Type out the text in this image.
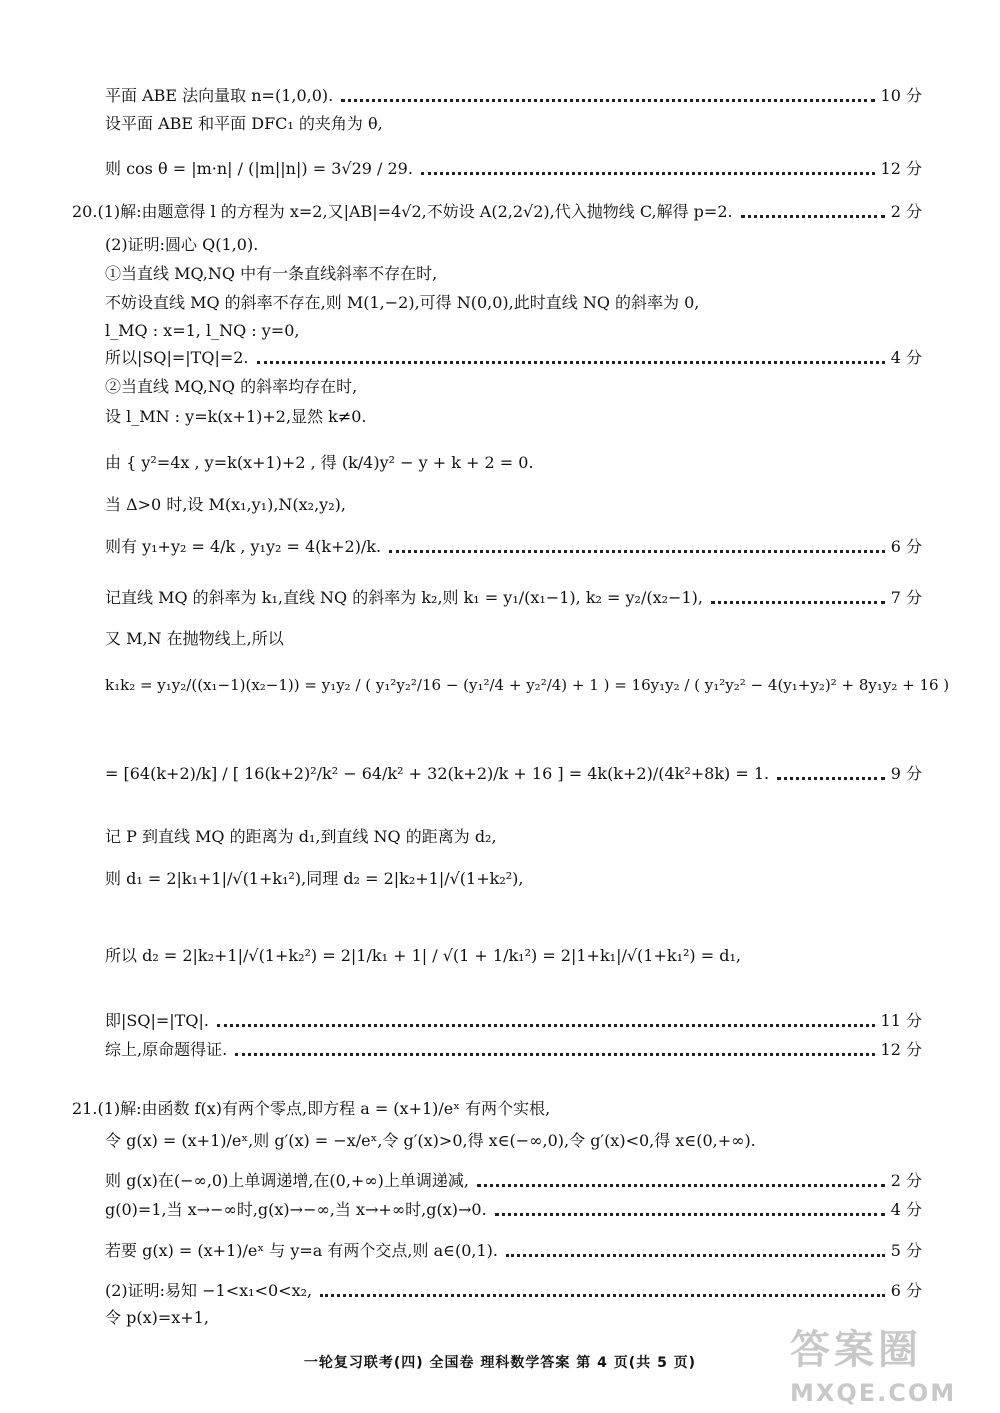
平面 ABE 法向量取 n=(1,0,0).	10 分
设平面 ABE 和平面 DFC₁ 的夹角为 θ,
则 cos θ = |m·n| / (|m||n|) = 3√29 / 29.	12 分
20.(1)解:由题意得 l 的方程为 x=2,又|AB|=4√2,不妨设 A(2,2√2),代入抛物线 C,解得 p=2.	2 分
(2)证明:圆心 Q(1,0).
①当直线 MQ,NQ 中有一条直线斜率不存在时,
不妨设直线 MQ 的斜率不存在,则 M(1,−2),可得 N(0,0),此时直线 NQ 的斜率为 0,
l_MQ : x=1, l_NQ : y=0,
所以|SQ|=|TQ|=2.	4 分
②当直线 MQ,NQ 的斜率均存在时,
设 l_MN : y=k(x+1)+2,显然 k≠0.
由 { y²=4x , y=k(x+1)+2 , 得 (k/4)y² − y + k + 2 = 0.
当 Δ>0 时,设 M(x₁,y₁),N(x₂,y₂),
则有 y₁+y₂ = 4/k , y₁y₂ = 4(k+2)/k.	6 分
记直线 MQ 的斜率为 k₁,直线 NQ 的斜率为 k₂,则 k₁ = y₁/(x₁−1), k₂ = y₂/(x₂−1),	7 分
又 M,N 在抛物线上,所以
k₁k₂ = y₁y₂/((x₁−1)(x₂−1)) = y₁y₂ / ( y₁²y₂²/16 − (y₁²/4 + y₂²/4) + 1 ) = 16y₁y₂ / ( y₁²y₂² − 4(y₁+y₂)² + 8y₁y₂ + 16 )
= [64(k+2)/k] / [ 16(k+2)²/k² − 64/k² + 32(k+2)/k + 16 ] = 4k(k+2)/(4k²+8k) = 1.	9 分
记 P 到直线 MQ 的距离为 d₁,到直线 NQ 的距离为 d₂,
则 d₁ = 2|k₁+1|/√(1+k₁²),同理 d₂ = 2|k₂+1|/√(1+k₂²),
所以 d₂ = 2|k₂+1|/√(1+k₂²) = 2|1/k₁ + 1| / √(1 + 1/k₁²) = 2|1+k₁|/√(1+k₁²) = d₁,
即|SQ|=|TQ|.	11 分
综上,原命题得证.	12 分
21.(1)解:由函数 f(x)有两个零点,即方程 a = (x+1)/eˣ 有两个实根,
令 g(x) = (x+1)/eˣ,则 g′(x) = −x/eˣ,令 g′(x)>0,得 x∈(−∞,0),令 g′(x)<0,得 x∈(0,+∞).
则 g(x)在(−∞,0)上单调递增,在(0,+∞)上单调递减,	2 分
g(0)=1,当 x→−∞时,g(x)→−∞,当 x→+∞时,g(x)→0.	4 分
若要 g(x) = (x+1)/eˣ 与 y=a 有两个交点,则 a∈(0,1).	5 分
(2)证明:易知 −1<x₁<0<x₂,	6 分
令 p(x)=x+1,
一轮复习联考(四) 全国卷 理科数学答案 第 4 页(共 5 页)	答案圈
MXQE.COM
